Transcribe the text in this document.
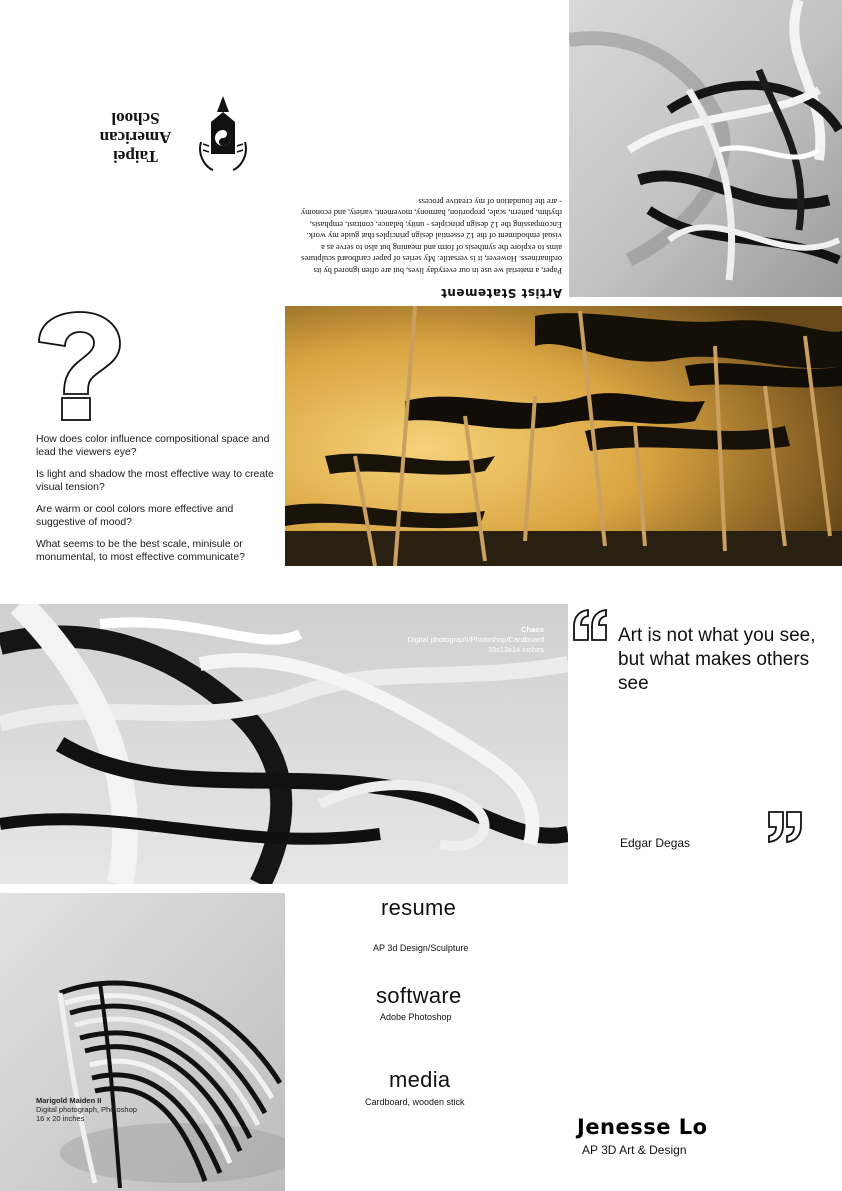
Artist Statement
Paper, a material we use in our everyday lives, but are often ignored by its ordinariness. However, it is versatile. My series of paper cardboard sculptures aims to explore the synthesis of form and meaning but also to serve as a visual embodiment of the 12 essential design principles that guide my work. Encompassing the 12 design principles - unity, balance, contrast, emphasis, rhythm, pattern, scale, proportion, harmony, movement, variety, and economy - are the foundation of my creative process
Taipei American School

How does color influence compositional space and lead the viewers eye?

Is light and shadow the most effective way to create visual tension?

Are warm or cool colors more effective and suggestive of mood?

What seems to be the best scale, minisule or monumental, to most effective communicate?

Chaos
Digital photograph/Photoshop/Cardboard
33x13x14 inches
Art is not what you see, but what makes others see
Edgar Degas
Marigold Maiden II
Digital photograph, Photoshop
16 x 20 inches
resume
AP 3d Design/Sculpture
software
Adobe Photoshop
media
Cardboard, wooden stick
Jenesse Lo
AP 3D Art & Design
